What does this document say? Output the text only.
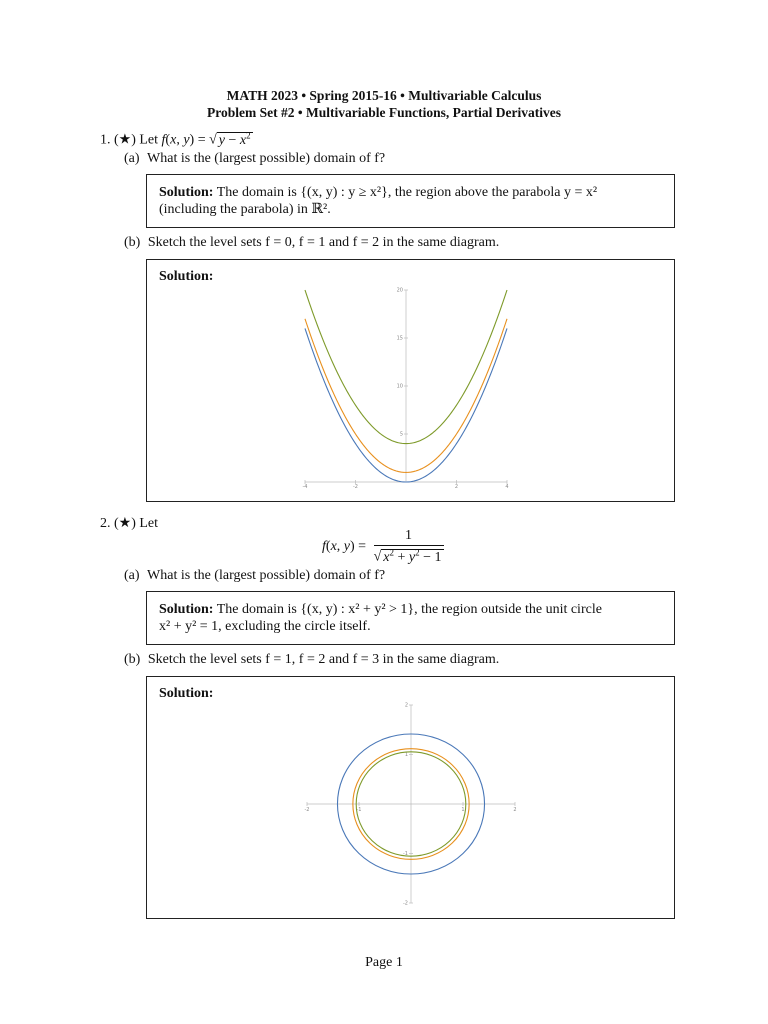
MATH 2023 • Spring 2015-16 • Multivariable Calculus
Problem Set #2 • Multivariable Functions, Partial Derivatives
1. (★) Let f(x, y) = √ $y - x^2$
(a) What is the (largest possible) domain of f?
Solution: The domain is {(x, y) : y ≥ x²}, the region above the parabola y = x²
(including the parabola) in ℝ².
(b) Sketch the level sets f = 0, f = 1 and f = 2 in the same diagram.
Solution:
-4	-2	2	4
5
10
15
20
2. (★) Let
f(x, $y) = \frac{1}{√ x^2 + y^2 - 1}$
(a) What is the (largest possible) domain of f?
Solution: The domain is {(x, y) : x² + y² > 1}, the region outside the unit circle
x² + y² = 1, excluding the circle itself.
(b) Sketch the level sets f = 1, f = 2 and f = 3 in the same diagram.
Solution:
-2	-1	1	2
-2
-1
1
2
Page 1
